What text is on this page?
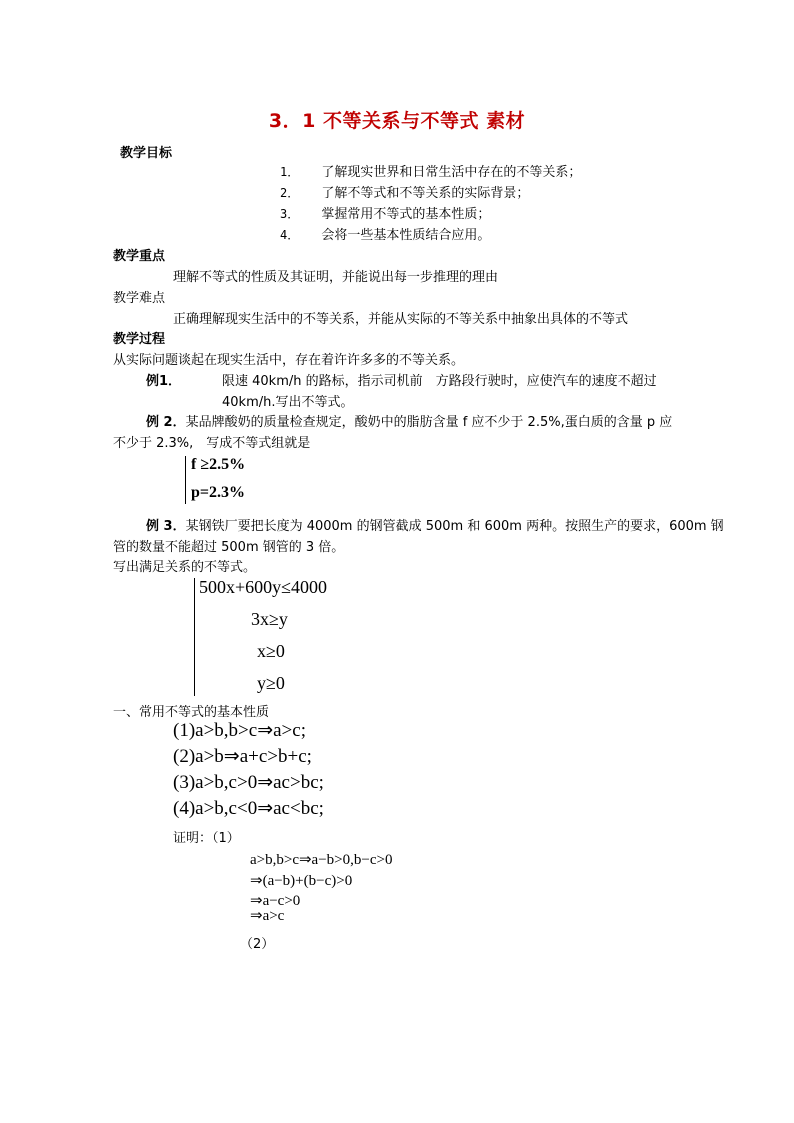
3．1 不等关系与不等式 素材
教学目标
1． 了解现实世界和日常生活中存在的不等关系；
2． 了解不等式和不等关系的实际背景；
3． 掌握常用不等式的基本性质；
4． 会将一些基本性质结合应用。
教学重点
理解不等式的性质及其证明，并能说出每一步推理的理由
教学难点
正确理解现实生活中的不等关系，并能从实际的不等关系中抽象出具体的不等式
教学过程
从实际问题谈起在现实生活中，存在着许许多多的不等关系。
例1．	限速 40km/h 的路标，指示司机前　方路段行驶时，应使汽车的速度不超过
40km/h.写出不等式。
例 2．某品牌酸奶的质量检查规定，酸奶中的脂肪含量 f 应不少于 2.5%,蛋白质的含量 p 应
不少于 2.3%,　写成不等式组就是
f ≥2.5%
p=2.3%
例 3．某钢铁厂要把长度为 4000m 的钢管截成 500m 和 600m 两种。按照生产的要求，600m 钢
管的数量不能超过 500m 钢管的 3 倍。
写出满足关系的不等式。
500x+600y≤4000
3x≥y
x≥0
y≥0
一、常用不等式的基本性质
(1)a>b,b>c⇒a>c;
(2)a>b⇒a+c>b+c;
(3)a>b,c>0⇒ac>bc;
(4)a>b,c<0⇒ac<bc;
证明：（1）
a>b,b>c⇒a−b>0,b−c>0
⇒(a−b)+(b−c)>0
⇒a−c>0
⇒a>c
（2）
